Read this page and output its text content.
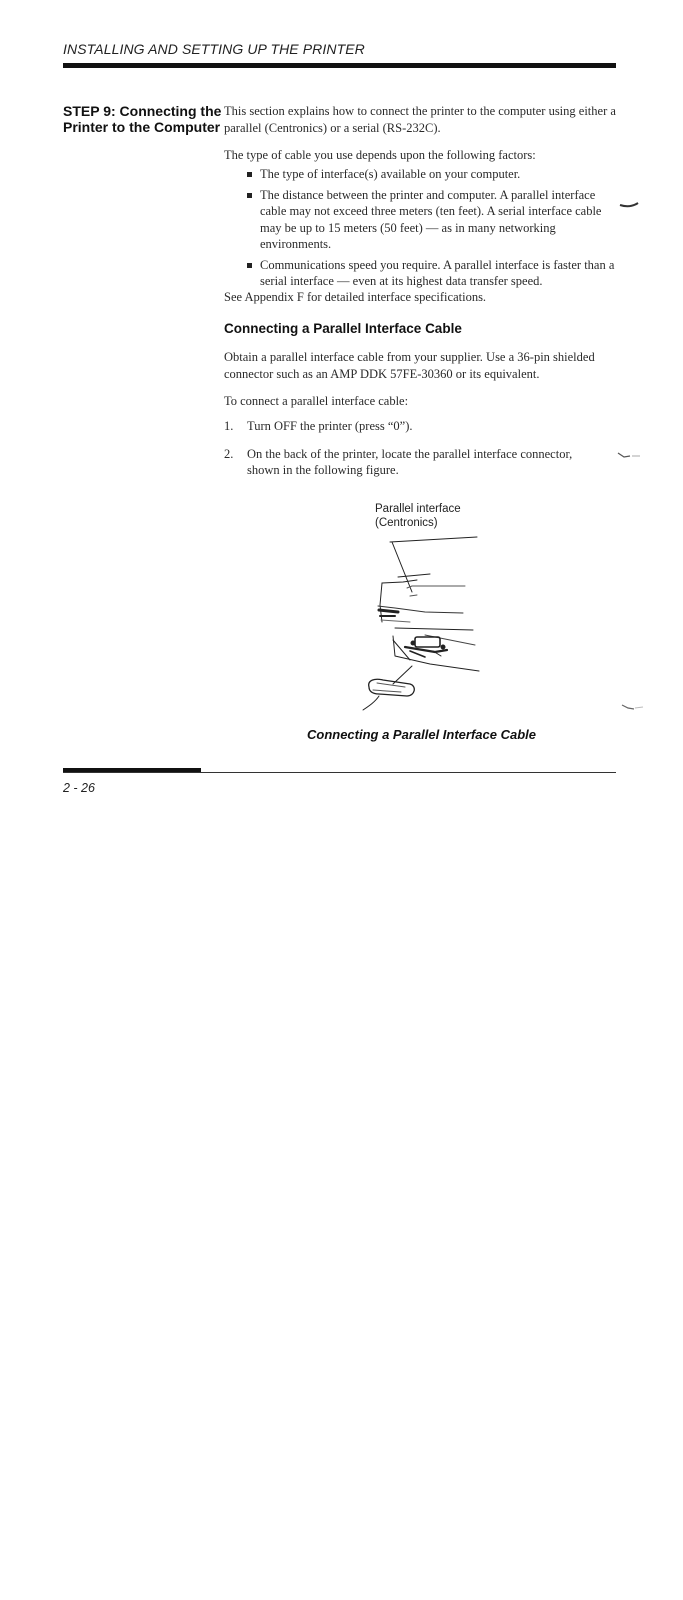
INSTALLING AND SETTING UP THE PRINTER
STEP 9: Connecting the
Printer to the Computer
This section explains how to connect the printer to the computer using either a parallel (Centronics) or a serial (RS-232C).
The type of cable you use depends upon the following factors:
The type of interface(s) available on your computer.
The distance between the printer and computer. A parallel interface cable may not exceed three meters (ten feet). A serial interface cable may be up to 15 meters (50 feet) — as in many networking environments.
Communications speed you require. A parallel interface is faster than a serial interface — even at its highest data transfer speed.
See Appendix F for detailed interface specifications.
Connecting a Parallel Interface Cable
Obtain a parallel interface cable from your supplier. Use a 36-pin shielded connector such as an AMP DDK 57FE-30360 or its equivalent.
To connect a parallel interface cable:
1. Turn OFF the printer (press “0”).
2. On the back of the printer, locate the parallel interface connector, shown in the following figure.
Parallel interface
(Centronics)
Connecting a Parallel Interface Cable
2 - 26
